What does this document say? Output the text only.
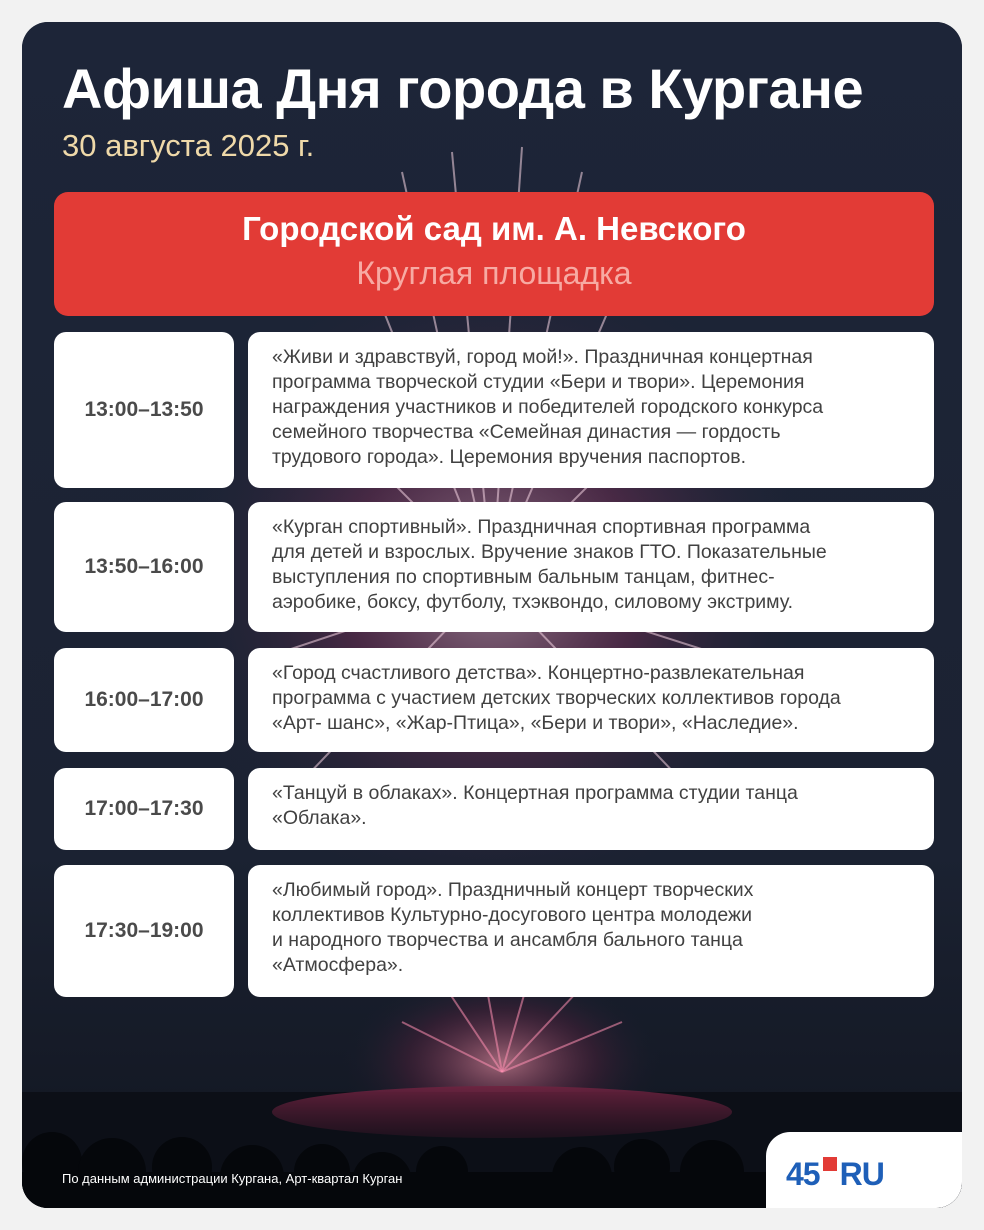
Афиша Дня города в Кургане
30 августа 2025 г.
Городской сад им. А. Невского
Круглая площадка
13:00–13:50
«Живи и здравствуй, город мой!». Праздничная концертная
программа творческой студии «Бери и твори». Церемония
награждения участников и победителей городского конкурса
семейного творчества «Семейная династия — гордость
трудового города». Церемония вручения паспортов.
13:50–16:00
«Курган спортивный». Праздничная спортивная программа
для детей и взрослых. Вручение знаков ГТО. Показательные
выступления по спортивным бальным танцам, фитнес-
аэробике, боксу, футболу, тхэквондо, силовому экстриму.
16:00–17:00
«Город счастливого детства». Концертно-развлекательная
программа с участием детских творческих коллективов города
«Арт- шанс», «Жар-Птица», «Бери и твори», «Наследие».
17:00–17:30
«Танцуй в облаках». Концертная программа студии танца
«Облака».
17:30–19:00
«Любимый город». Праздничный концерт творческих
коллективов Культурно-досугового центра молодежи
и народного творчества и ансамбля бального танца
«Атмосфера».
По данным администрации Кургана, Арт-квартал Курган	45 RU
